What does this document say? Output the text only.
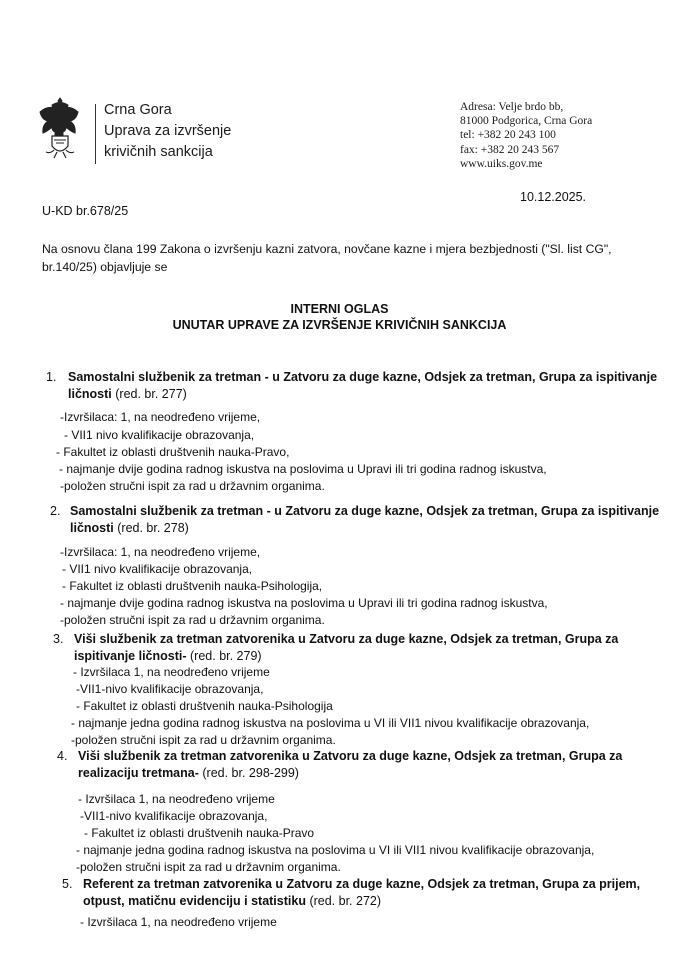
Crna Gora
Uprava za izvršenje
krivičnih sankcija
Adresa: Velje brdo bb,
81000 Podgorica, Crna Gora
tel: +382 20 243 100
fax: +382 20 243 567
www.uiks.gov.me
U-KD br.678/25
10.12.2025.
Na osnovu člana 199 Zakona o izvršenju kazni zatvora, novčane kazne i mjera bezbjednosti ("Sl. list CG", br.140/25) objavljuje se
INTERNI OGLAS
UNUTAR UPRAVE ZA IZVRŠENJE KRIVIČNIH SANKCIJA
1. Samostalni službenik za tretman - u Zatvoru za duge kazne, Odsjek za tretman, Grupa za ispitivanje ličnosti (red. br. 277)
-Izvršilaca: 1, na neodređeno vrijeme,
- VII1 nivo kvalifikacije obrazovanja,
- Fakultet iz oblasti društvenih nauka-Pravo,
- najmanje dvije godina radnog iskustva na poslovima u Upravi ili tri godina radnog iskustva,
-položen stručni ispit za rad u državnim organima.
2. Samostalni službenik za tretman - u Zatvoru za duge kazne, Odsjek za tretman, Grupa za ispitivanje ličnosti (red. br. 278)
-Izvršilaca: 1, na neodređeno vrijeme,
- VII1 nivo kvalifikacije obrazovanja,
- Fakultet iz oblasti društvenih nauka-Psihologija,
- najmanje dvije godina radnog iskustva na poslovima u Upravi ili tri godina radnog iskustva,
-položen stručni ispit za rad u državnim organima.
3. Viši službenik za tretman zatvorenika u Zatvoru za duge kazne, Odsjek za tretman, Grupa za ispitivanje ličnosti- (red. br. 279)
- Izvršilaca 1, na neodređeno vrijeme
-VII1-nivo kvalifikacije obrazovanja,
- Fakultet iz oblasti društvenih nauka-Psihologija
- najmanje jedna godina radnog iskustva na poslovima u VI ili VII1 nivou kvalifikacije obrazovanja,
-položen stručni ispit za rad u državnim organima.
4. Viši službenik za tretman zatvorenika u Zatvoru za duge kazne, Odsjek za tretman, Grupa za realizaciju tretmana- (red. br. 298-299)
- Izvršilaca 1, na neodređeno vrijeme
-VII1-nivo kvalifikacije obrazovanja,
- Fakultet iz oblasti društvenih nauka-Pravo
- najmanje jedna godina radnog iskustva na poslovima u VI ili VII1 nivou kvalifikacije obrazovanja,
-položen stručni ispit za rad u državnim organima.
5. Referent za tretman zatvorenika u Zatvoru za duge kazne, Odsjek za tretman, Grupa za prijem, otpust, matičnu evidenciju i statistiku (red. br. 272)
- Izvršilaca 1, na neodređeno vrijeme
